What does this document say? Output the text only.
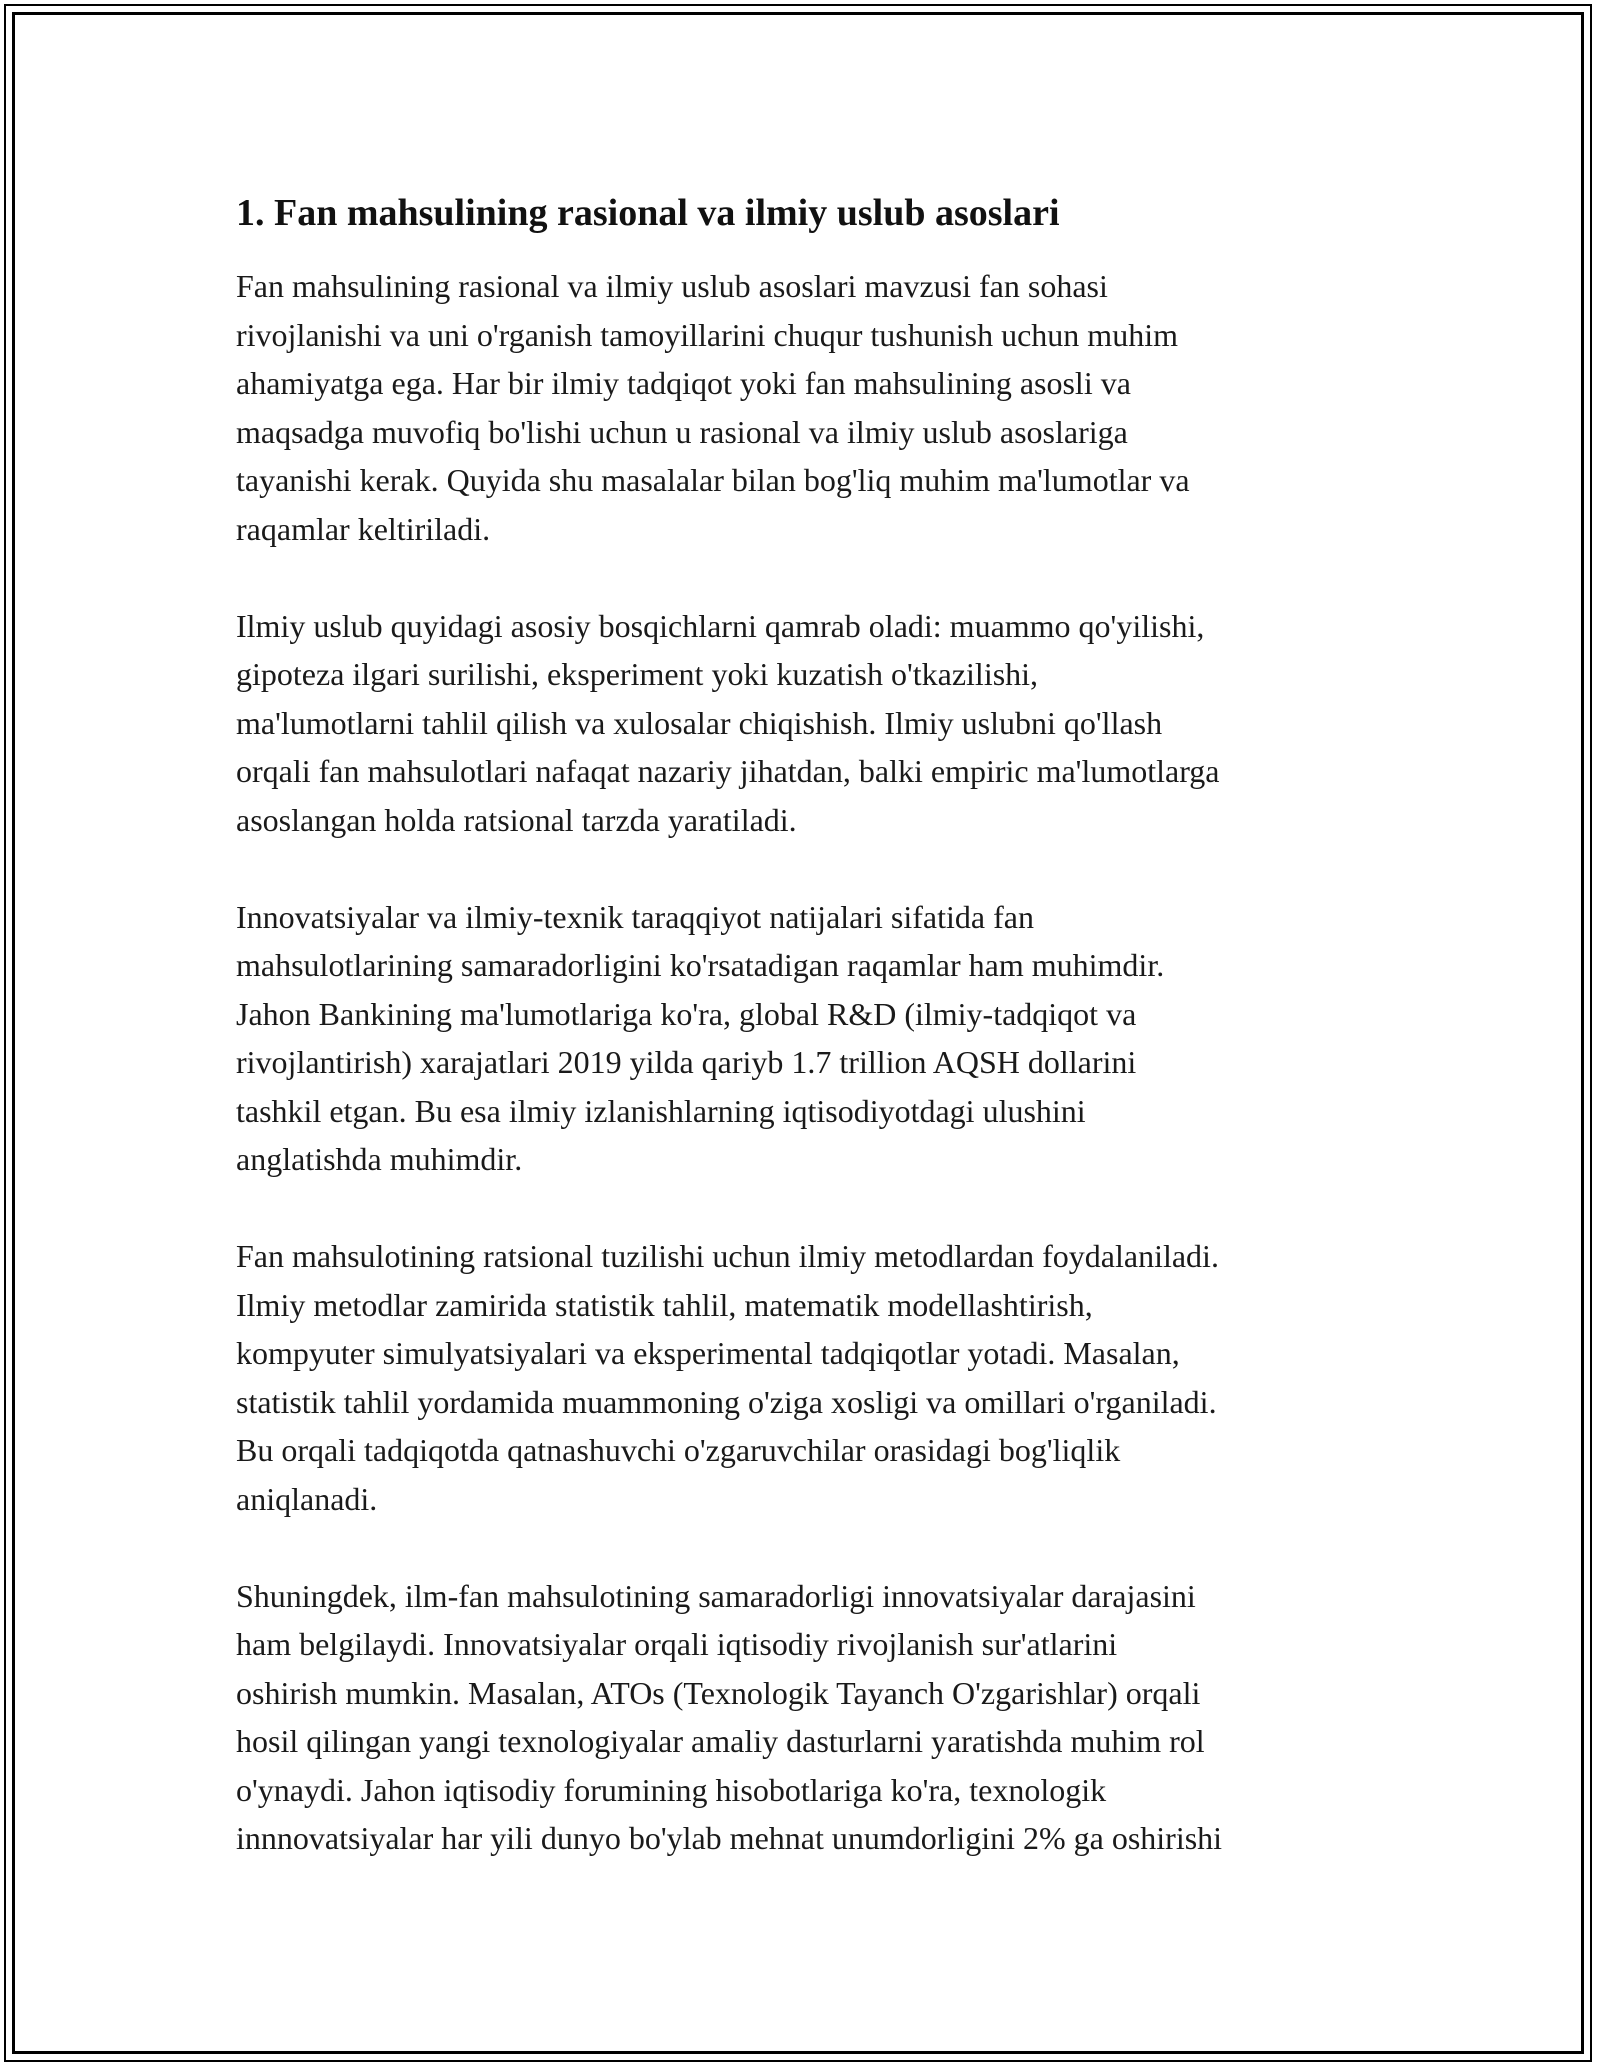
1. Fan mahsulining rasional va ilmiy uslub asoslari

Fan mahsulining rasional va ilmiy uslub asoslari mavzusi fan sohasi
rivojlanishi va uni o'rganish tamoyillarini chuqur tushunish uchun muhim
ahamiyatga ega. Har bir ilmiy tadqiqot yoki fan mahsulining asosli va
maqsadga muvofiq bo'lishi uchun u rasional va ilmiy uslub asoslariga
tayanishi kerak. Quyida shu masalalar bilan bog'liq muhim ma'lumotlar va
raqamlar keltiriladi.

Ilmiy uslub quyidagi asosiy bosqichlarni qamrab oladi: muammo qo'yilishi,
gipoteza ilgari surilishi, eksperiment yoki kuzatish o'tkazilishi,
ma'lumotlarni tahlil qilish va xulosalar chiqishish. Ilmiy uslubni qo'llash
orqali fan mahsulotlari nafaqat nazariy jihatdan, balki empiric ma'lumotlarga
asoslangan holda ratsional tarzda yaratiladi.

Innovatsiyalar va ilmiy-texnik taraqqiyot natijalari sifatida fan
mahsulotlarining samaradorligini ko'rsatadigan raqamlar ham muhimdir.
Jahon Bankining ma'lumotlariga ko'ra, global R&D (ilmiy-tadqiqot va
rivojlantirish) xarajatlari 2019 yilda qariyb 1.7 trillion AQSH dollarini
tashkil etgan. Bu esa ilmiy izlanishlarning iqtisodiyotdagi ulushini
anglatishda muhimdir.

Fan mahsulotining ratsional tuzilishi uchun ilmiy metodlardan foydalaniladi.
Ilmiy metodlar zamirida statistik tahlil, matematik modellashtirish,
kompyuter simulyatsiyalari va eksperimental tadqiqotlar yotadi. Masalan,
statistik tahlil yordamida muammoning o'ziga xosligi va omillari o'rganiladi.
Bu orqali tadqiqotda qatnashuvchi o'zgaruvchilar orasidagi bog'liqlik
aniqlanadi.

Shuningdek, ilm-fan mahsulotining samaradorligi innovatsiyalar darajasini
ham belgilaydi. Innovatsiyalar orqali iqtisodiy rivojlanish sur'atlarini
oshirish mumkin. Masalan, ATOs (Texnologik Tayanch O'zgarishlar) orqali
hosil qilingan yangi texnologiyalar amaliy dasturlarni yaratishda muhim rol
o'ynaydi. Jahon iqtisodiy forumining hisobotlariga ko'ra, texnologik
innnovatsiyalar har yili dunyo bo'ylab mehnat unumdorligini 2% ga oshirishi
